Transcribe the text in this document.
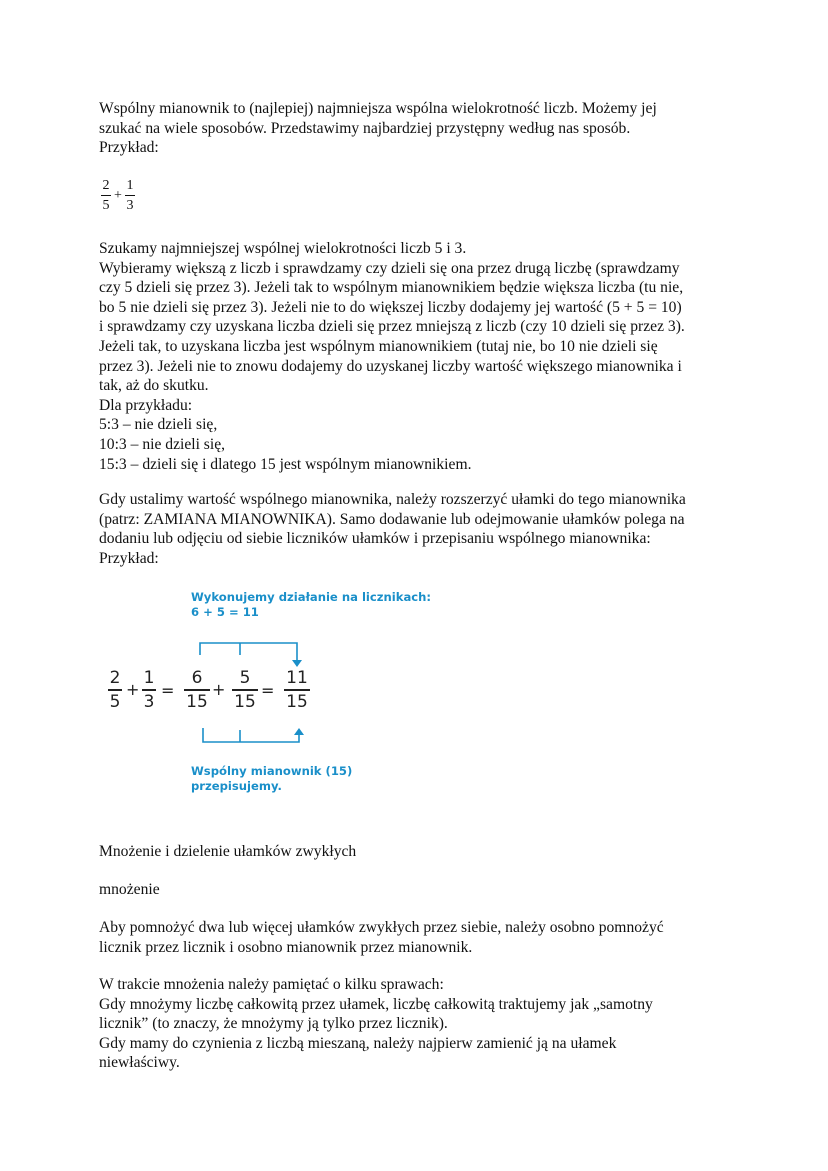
Wspólny mianownik to (najlepiej) najmniejsza wspólna wielokrotność liczb. Możemy jej
szukać na wiele sposobów. Przedstawimy najbardziej przystępny według nas sposób.
Przykład:
2
5
+
1
3
Szukamy najmniejszej wspólnej wielokrotności liczb 5 i 3.
Wybieramy większą z liczb i sprawdzamy czy dzieli się ona przez drugą liczbę (sprawdzamy
czy 5 dzieli się przez 3). Jeżeli tak to wspólnym mianownikiem będzie większa liczba (tu nie,
bo 5 nie dzieli się przez 3). Jeżeli nie to do większej liczby dodajemy jej wartość (5 + 5 = 10)
i sprawdzamy czy uzyskana liczba dzieli się przez mniejszą z liczb (czy 10 dzieli się przez 3).
Jeżeli tak, to uzyskana liczba jest wspólnym mianownikiem (tutaj nie, bo 10 nie dzieli się
przez 3). Jeżeli nie to znowu dodajemy do uzyskanej liczby wartość większego mianownika i
tak, aż do skutku.
Dla przykładu:
5:3 – nie dzieli się,
10:3 – nie dzieli się,
15:3 – dzieli się i dlatego 15 jest wspólnym mianownikiem.
Gdy ustalimy wartość wspólnego mianownika, należy rozszerzyć ułamki do tego mianownika
(patrz: ZAMIANA MIANOWNIKA). Samo dodawanie lub odejmowanie ułamków polega na
dodaniu lub odjęciu od siebie liczników ułamków i przepisaniu wspólnego mianownika:
Przykład:
Wykonujemy działanie na licznikach:
6 + 5 = 11
2
5
+
1
3
=
6
15
+
5
15
=
11
15
Wspólny mianownik (15)
przepisujemy.
Mnożenie i dzielenie ułamków zwykłych
mnożenie
Aby pomnożyć dwa lub więcej ułamków zwykłych przez siebie, należy osobno pomnożyć
licznik przez licznik i osobno mianownik przez mianownik.
W trakcie mnożenia należy pamiętać o kilku sprawach:
Gdy mnożymy liczbę całkowitą przez ułamek, liczbę całkowitą traktujemy jak „samotny
licznik” (to znaczy, że mnożymy ją tylko przez licznik).
Gdy mamy do czynienia z liczbą mieszaną, należy najpierw zamienić ją na ułamek
niewłaściwy.
